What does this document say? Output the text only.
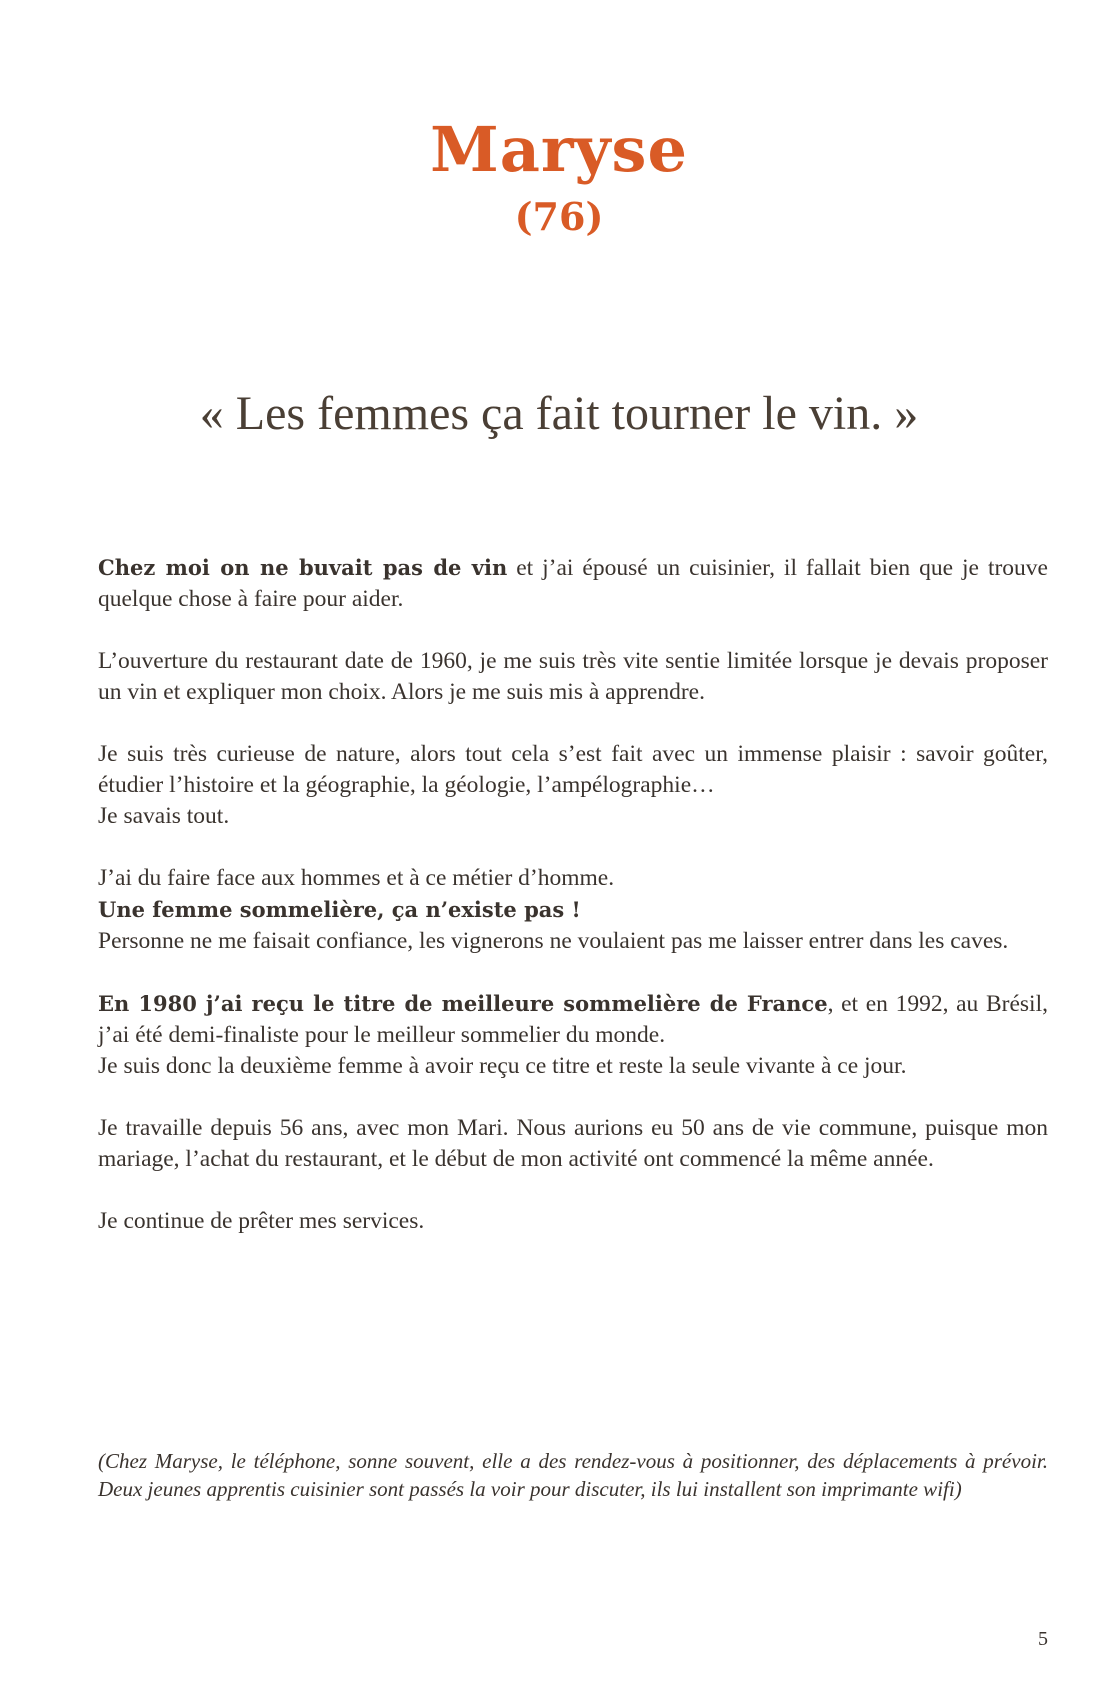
Maryse
(76)
« Les femmes ça fait tourner le vin. »

Chez moi on ne buvait pas de vin et j’ai épousé un cuisinier, il fallait bien que je trouve quelque chose à faire pour aider.

L’ouverture du restaurant date de 1960, je me suis très vite sentie limitée lorsque je devais proposer un vin et expliquer mon choix. Alors je me suis mis à apprendre.

Je suis très curieuse de nature, alors tout cela s’est fait avec un immense plaisir : savoir goûter, étudier l’histoire et la géographie, la géologie, l’ampélographie…
Je savais tout.

J’ai du faire face aux hommes et à ce métier d’homme.
Une femme sommelière, ça n’existe pas !
Personne ne me faisait confiance, les vignerons ne voulaient pas me laisser entrer dans les caves.

En 1980 j’ai reçu le titre de meilleure sommelière de France, et en 1992, au Brésil, j’ai été demi-finaliste pour le meilleur sommelier du monde.
Je suis donc la deuxième femme à avoir reçu ce titre et reste la seule vivante à ce jour.

Je travaille depuis 56 ans, avec mon Mari. Nous aurions eu 50 ans de vie commune, puisque mon mariage, l’achat du restaurant, et le début de mon activité ont commencé la même année.

Je continue de prêter mes services.

(Chez Maryse, le téléphone, sonne souvent, elle a des rendez-vous à positionner, des déplacements à prévoir. Deux jeunes apprentis cuisinier sont passés la voir pour discuter, ils lui installent son imprimante wifi)
5
